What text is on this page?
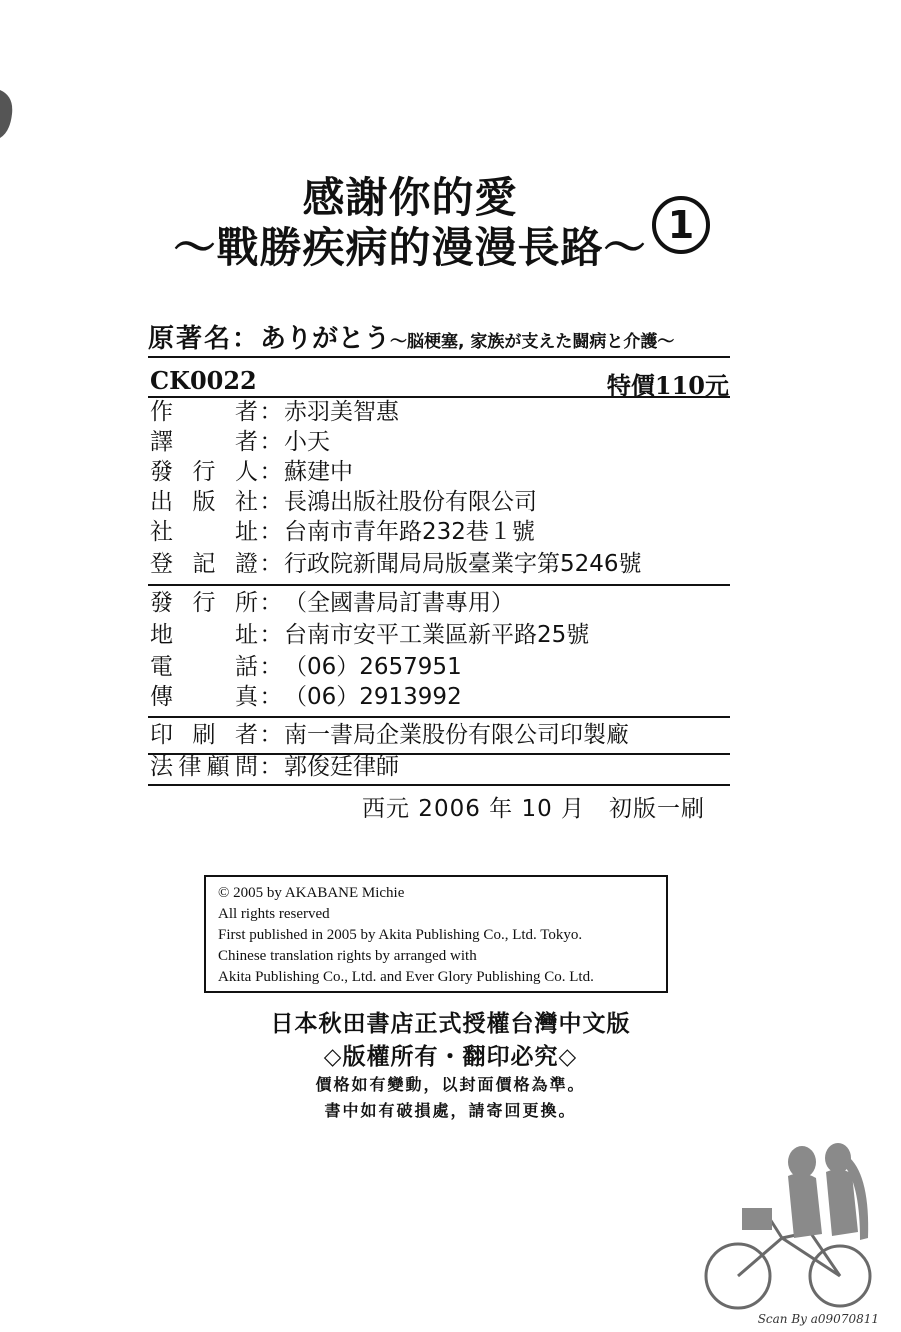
感謝你的愛
～戰勝疾病的漫漫長路～ 1
原著名：ありがとう～脳梗塞, 家族が支えた闘病と介護～
CK0022	特價110元
作者：赤羽美智惠
譯者：小天
發行人：蘇建中
出版社：長鴻出版社股份有限公司
社址：台南市青年路232巷１號
登記證：行政院新聞局局版臺業字第5246號
發行所：（全國書局訂書專用）
地址：台南市安平工業區新平路25號
電話：（06）2657951
傳真：（06）2913992
印刷者：南一書局企業股份有限公司印製廠
法律顧問：郭俊廷律師
西元 2006 年 10 月　初版一刷
© 2005 by AKABANE Michie
All rights reserved
First published in 2005 by Akita Publishing Co., Ltd. Tokyo.
Chinese translation rights by arranged with
Akita Publishing Co., Ltd. and Ever Glory Publishing Co. Ltd.
日本秋田書店正式授權台灣中文版
◇版權所有・翻印必究◇
價格如有變動，以封面價格為準。
書中如有破損處，請寄回更換。
Scan By a09070811
